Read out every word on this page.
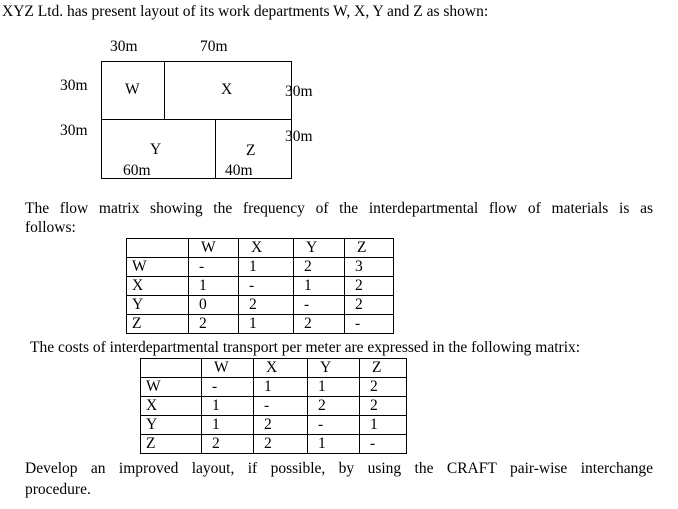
XYZ Ltd. has present layout of its work departments W, X, Y and Z as shown:
30m	70m
30m
30m
W	X
Y	Z
30m
30m
60m	40m
The flow matrix showing the frequency of the interdepartmental flow of materials is as
follows:
	W	X	Y	Z
W	-	1	2	3
X	1	-	1	2
Y	0	2	-	2
Z	2	1	2	-
The costs of interdepartmental transport per meter are expressed in the following matrix:
	W	X	Y	Z
W	-	1	1	2
X	1	-	2	2
Y	1	2	-	1
Z	2	2	1	-
Develop an improved layout, if possible, by using the CRAFT pair-wise interchange
procedure.
